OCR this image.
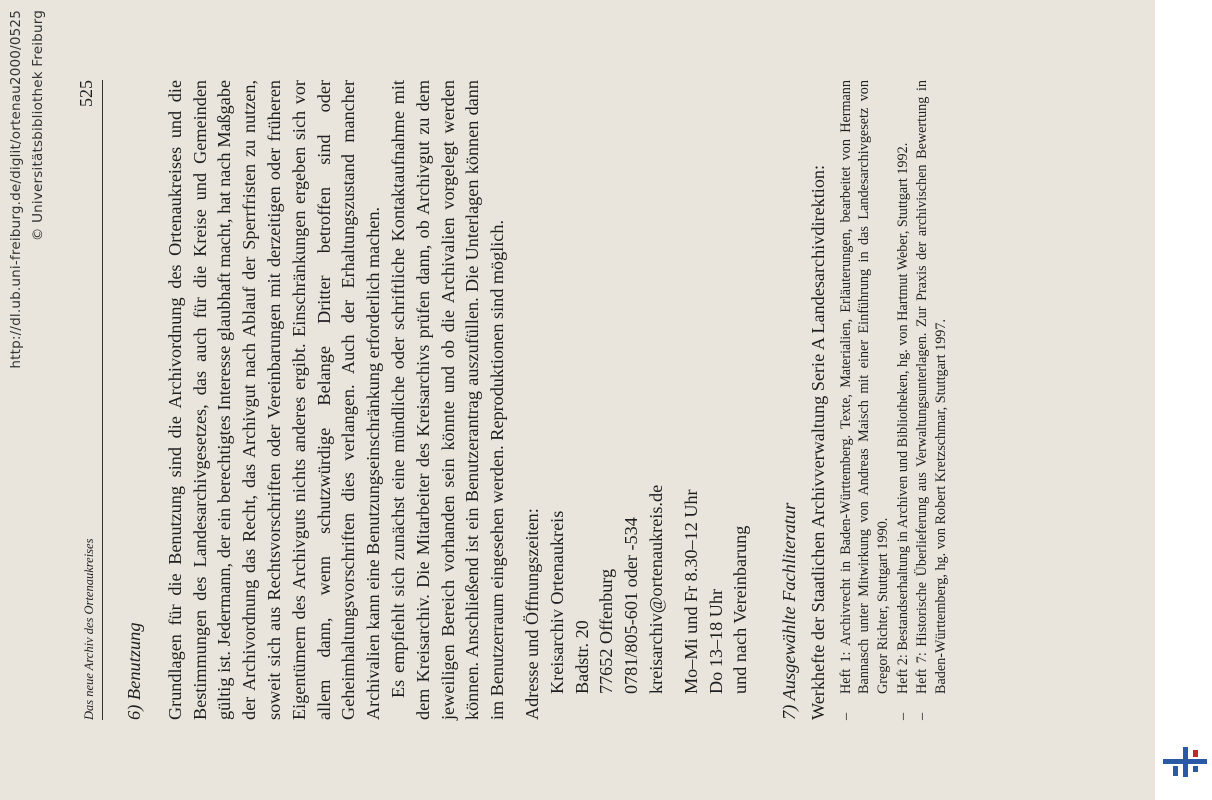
Das neue Archiv des Ortenaukreises
525
6) Benutzung Grundlagen für die Benutzung sind die Archivordnung des Ortenaukreises und die Bestimmungen des Landesarchivgesetzes, das auch für die Kreise und Gemeinden gültig ist. Jedermann, der ein berechtigtes Interesse glaubhaft macht, hat nach Maßgabe der Archivordnung das Recht, das Archivgut nach Ablauf der Sperrfristen zu nutzen, soweit sich aus Rechtsvorschriften oder Vereinbarungen mit derzeitigen oder früheren Eigentümern des Archivguts nichts anderes ergibt. Einschränkungen ergeben sich vor allem dann, wenn schutzwürdige Belange Dritter betroffen sind oder Geheimhaltungsvorschriften dies verlangen. Auch der Erhaltungszustand mancher Archivalien kann eine Benutzungseinschränkung erforderlich machen. Es empfiehlt sich zunächst eine mündliche oder schriftliche Kontaktaufnahme mit dem Kreisarchiv. Die Mitarbeiter des Kreisarchivs prüfen dann, ob Archivgut zu dem jeweiligen Bereich vorhanden sein könnte und ob die Archivalien vorgelegt werden können. Anschließend ist ein Benutzerantrag auszufüllen. Die Unterlagen können dann im Benutzerraum eingesehen werden. Reproduktionen sind möglich. Adresse und Öffnungszeiten: Kreisarchiv Ortenaukreis Badstr. 20 77652 Offenburg 0781/805-601 oder -534 kreisarchiv@ortenaukreis.de Mo–Mi und Fr 8.30–12 Uhr Do 13–18 Uhr und nach Vereinbarung 7) Ausgewählte Fachliteratur Werkhefte der Staatlichen Archivverwaltung Serie A Landesarchivdirektion: –
Heft 1: Archivrecht in Baden-Württemberg. Texte, Materialien, Erläuterungen, bearbeitet von Hermann Bannasch unter Mitwirkung von Andreas Maisch mit einer Einführung in das Landesarchivgesetz von Gregor Richter, Stuttgart 1990.
–
Heft 2: Bestandserhaltung in Archiven und Bibliotheken, hg. von Hartmut Weber, Stuttgart 1992.
–
Heft 7: Historische Überlieferung aus Verwaltungsunterlagen. Zur Praxis der archivischen Bewertung in Baden-Württemberg, hg. von Robert Kretzschmar, Stuttgart 1997.
http://dl.ub.uni-freiburg.de/diglit/ortenau2000/0525 © Universitätsbibliothek Freiburg
